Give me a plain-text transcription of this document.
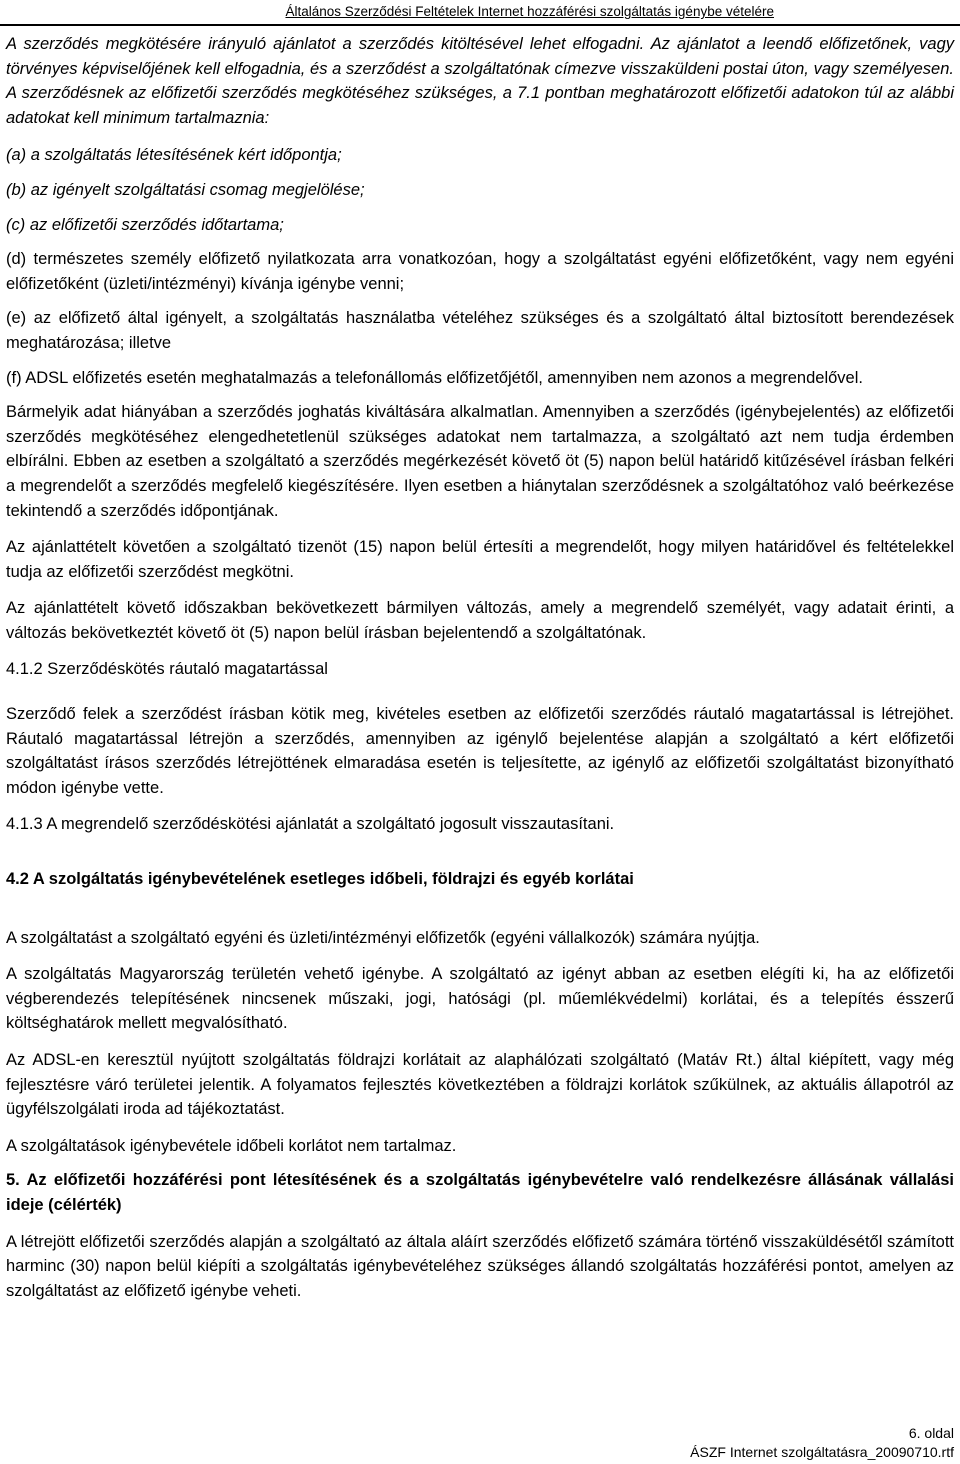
Általános Szerződési Feltételek Internet hozzáférési szolgáltatás igénybe vételére

A szerződés megkötésére irányuló ajánlatot a szerződés kitöltésével lehet elfogadni. Az ajánlatot a leendő előfizetőnek, vagy törvényes képviselőjének kell elfogadnia, és a szerződést a szolgáltatónak címezve visszaküldeni postai úton, vagy személyesen. A szerződésnek az előfizetői szerződés megkötéséhez szükséges, a 7.1 pontban meghatározott előfizetői adatokon túl az alábbi adatokat kell minimum tartalmaznia:

(a) a szolgáltatás létesítésének kért időpontja;

(b) az igényelt szolgáltatási csomag megjelölése;

(c) az előfizetői szerződés időtartama;

(d) természetes személy előfizető nyilatkozata arra vonatkozóan, hogy a szolgáltatást egyéni előfizetőként, vagy nem egyéni előfizetőként (üzleti/intézményi) kívánja igénybe venni;

(e) az előfizető által igényelt, a szolgáltatás használatba vételéhez szükséges és a szolgáltató által biztosított berendezések meghatározása; illetve

(f) ADSL előfizetés esetén meghatalmazás a telefonállomás előfizetőjétől, amennyiben nem azonos a megrendelővel.

Bármelyik adat hiányában a szerződés joghatás kiváltására alkalmatlan. Amennyiben a szerződés (igénybejelentés) az előfizetői szerződés megkötéséhez elengedhetetlenül szükséges adatokat nem tartalmazza, a szolgáltató azt nem tudja érdemben elbírálni. Ebben az esetben a szolgáltató a szerződés megérkezését követő öt (5) napon belül határidő kitűzésével írásban felkéri a megrendelőt a szerződés megfelelő kiegészítésére. Ilyen esetben a hiánytalan szerződésnek a szolgáltatóhoz való beérkezése tekintendő a szerződés időpontjának.

Az ajánlattételt követően a szolgáltató tizenöt (15) napon belül értesíti a megrendelőt, hogy milyen határidővel és feltételekkel tudja az előfizetői szerződést megkötni.

Az ajánlattételt követő időszakban bekövetkezett bármilyen változás, amely a megrendelő személyét, vagy adatait érinti, a változás bekövetkeztét követő öt (5) napon belül írásban bejelentendő a szolgáltatónak.

4.1.2 Szerződéskötés ráutaló magatartással

Szerződő felek a szerződést írásban kötik meg, kivételes esetben az előfizetői szerződés ráutaló magatartással is létrejöhet. Ráutaló magatartással létrejön a szerződés, amennyiben az igénylő bejelentése alapján a szolgáltató a kért előfizetői szolgáltatást írásos szerződés létrejöttének elmaradása esetén is teljesítette, az igénylő az előfizetői szolgáltatást bizonyítható módon igénybe vette.

4.1.3 A megrendelő szerződéskötési ajánlatát a szolgáltató jogosult visszautasítani.

4.2 A szolgáltatás igénybevételének esetleges időbeli, földrajzi és egyéb korlátai

A szolgáltatást a szolgáltató egyéni és üzleti/intézményi előfizetők (egyéni vállalkozók) számára nyújtja.

A szolgáltatás Magyarország területén vehető igénybe. A szolgáltató az igényt abban az esetben elégíti ki, ha az előfizetői végberendezés telepítésének nincsenek műszaki, jogi, hatósági (pl. műemlékvédelmi) korlátai, és a telepítés ésszerű költséghatárok mellett megvalósítható.

Az ADSL-en keresztül nyújtott szolgáltatás földrajzi korlátait az alaphálózati szolgáltató (Matáv Rt.) által kiépített, vagy még fejlesztésre váró területei jelentik. A folyamatos fejlesztés következtében a földrajzi korlátok szűkülnek, az aktuális állapotról az ügyfélszolgálati iroda ad tájékoztatást.

A szolgáltatások igénybevétele időbeli korlátot nem tartalmaz.

5. Az előfizetői hozzáférési pont létesítésének és a szolgáltatás igénybevételre való rendelkezésre állásának vállalási ideje (célérték)

A létrejött előfizetői szerződés alapján a szolgáltató az általa aláírt szerződés előfizető számára történő visszaküldésétől számított harminc (30) napon belül kiépíti a szolgáltatás igénybevételéhez szükséges állandó szolgáltatás hozzáférési pontot, amelyen az szolgáltatást az előfizető igénybe veheti.

6. oldal
ÁSZF Internet szolgáltatásra_20090710.rtf
